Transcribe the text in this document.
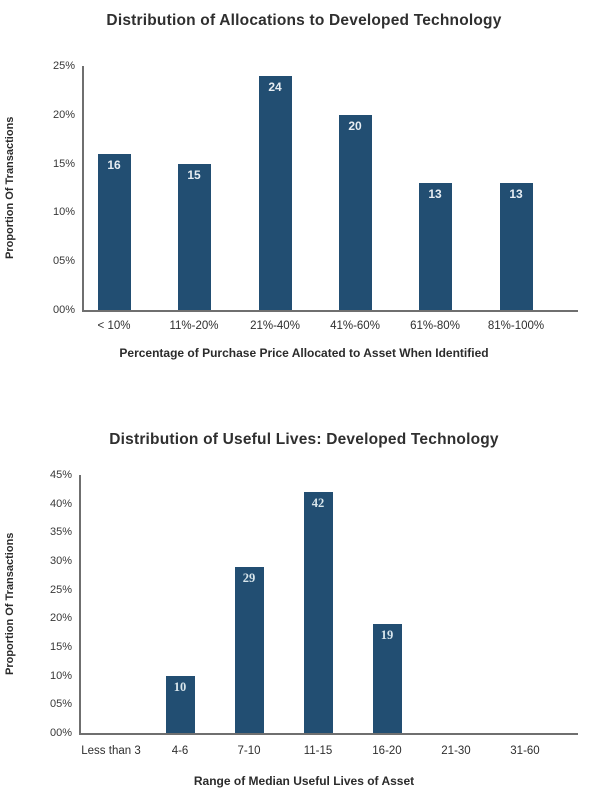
Distribution of Allocations to Developed Technology
Proportion Of Transactions
25%
20%
15%
10%
05%
00%
16
< 10%
15
11%-20%
24
21%-40%
20
41%-60%
13
61%-80%
13
81%-100%
Percentage of Purchase Price Allocated to Asset When Identified
Distribution of Useful Lives: Developed Technology
Proportion Of Transactions
45%
40%
35%
30%
25%
20%
15%
10%
05%
00%
Less than 3
10
4-6
29
7-10
42
11-15
19
16-20	21-30	31-60
Range of Median Useful Lives of Asset
